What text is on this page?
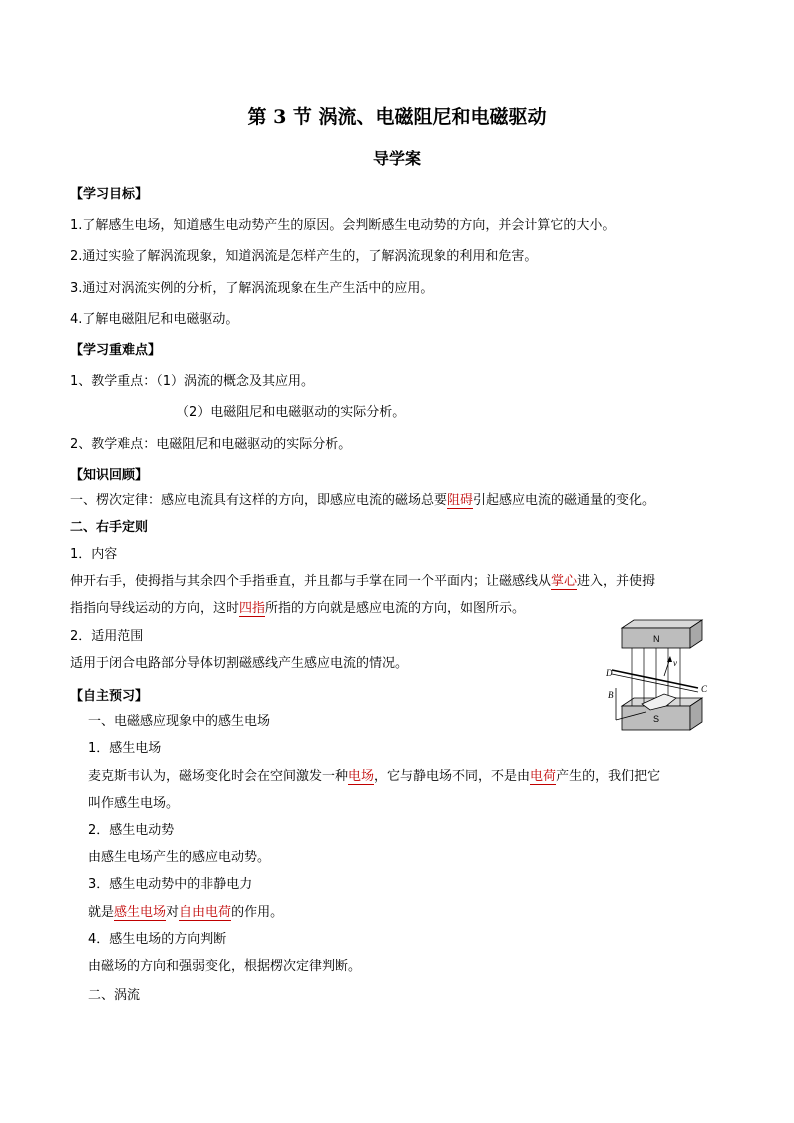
第 3 节 涡流、电磁阻尼和电磁驱动
导学案
【学习目标】
1.了解感生电场，知道感生电动势产生的原因。会判断感生电动势的方向，并会计算它的大小。
2.通过实验了解涡流现象，知道涡流是怎样产生的，了解涡流现象的利用和危害。
3.通过对涡流实例的分析，了解涡流现象在生产生活中的应用。
4.了解电磁阻尼和电磁驱动。
【学习重难点】
1、教学重点：（1）涡流的概念及其应用。
（2）电磁阻尼和电磁驱动的实际分析。
2、教学难点：电磁阻尼和电磁驱动的实际分析。
【知识回顾】
一、楞次定律：感应电流具有这样的方向，即感应电流的磁场总要阻碍引起感应电流的磁通量的变化。
二、右手定则
1．内容
伸开右手，使拇指与其余四个手指垂直，并且都与手掌在同一个平面内；让磁感线从掌心进入，并使拇
指指向导线运动的方向，这时四指所指的方向就是感应电流的方向，如图所示。
2．适用范围
适用于闭合电路部分导体切割磁感线产生感应电流的情况。
【自主预习】
一、电磁感应现象中的感生电场
1．感生电场
麦克斯韦认为，磁场变化时会在空间激发一种电场，它与静电场不同，不是由电荷产生的，我们把它
叫作感生电场。
2．感生电动势
由感生电场产生的感应电动势。
3．感生电动势中的非静电力
就是感生电场对自由电荷的作用。
4．感生电场的方向判断
由磁场的方向和强弱变化，根据楞次定律判断。
二、涡流
N
S
D
B
C
v
